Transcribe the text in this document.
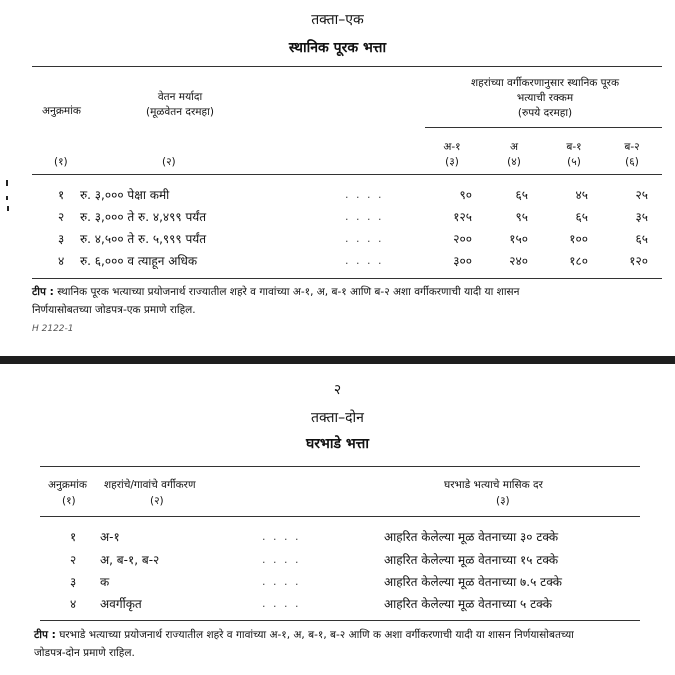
तक्ता–एक
स्थानिक पूरक भत्ता
अनुक्रमांक
वेतन मर्यादा
(मूळवेतन दरमहा)
शहरांच्या वर्गीकरणानुसार स्थानिक पूरक
भत्याची रक्कम
(रुपये दरमहा)
अ-१	अ	ब-१	ब-२
(१)	(२)	(३)	(४)	(५)	(६)
१ रु. ३,००० पेक्षा कमी	. . . .	९०	६५	४५	२५
२ रु. ३,००० ते रु. ४,४९९ पर्यंत	. . . .	१२५	९५	६५	३५
३ रु. ४,५०० ते रु. ५,९९९ पर्यंत	. . . .	२००	१५०	१००	६५
४ रु. ६,००० व त्याहून अधिक	. . . .	३००	२४०	१८०	१२०
टीप : स्थानिक पूरक भत्याच्या प्रयोजनार्थ राज्यातील शहरे व गावांच्या अ-१, अ, ब-१ आणि ब-२ अशा वर्गीकरणाची यादी या शासन
निर्णयासोबतच्या जोडपत्र-एक प्रमाणे राहिल.
H 2122-1
२
तक्ता–दोन
घरभाडे भत्ता
अनुक्रमांक शहरांचे/गावांचे वर्गीकरण	घरभाडे भत्याचे मासिक दर
(१)	(२)	(३)
१ अ-१	. . . .	आहरित केलेल्या मूळ वेतनाच्या ३० टक्के
२ अ, ब-१, ब-२	. . . .	आहरित केलेल्या मूळ वेतनाच्या १५ टक्के
३ क	. . . .	आहरित केलेल्या मूळ वेतनाच्या ७.५ टक्के
४ अवर्गीकृत	. . . .	आहरित केलेल्या मूळ वेतनाच्या ५ टक्के
टीप : घरभाडे भत्याच्या प्रयोजनार्थ राज्यातील शहरे व गावांच्या अ-१, अ, ब-१, ब-२ आणि क अशा वर्गीकरणाची यादी या शासन निर्णयासोबतच्या
जोडपत्र-दोन प्रमाणे राहिल.
